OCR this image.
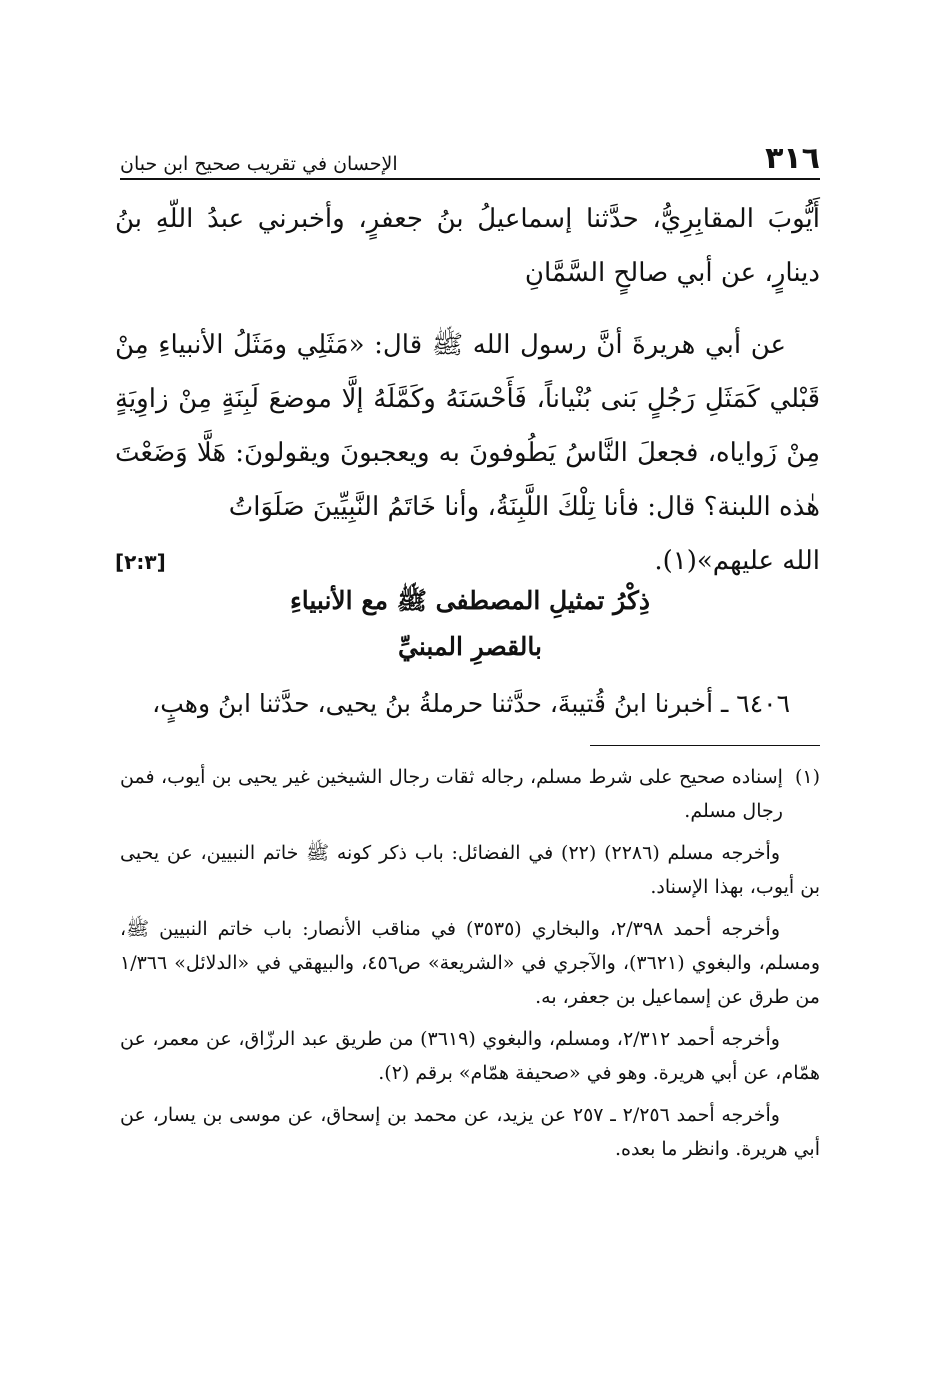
٣١٦
الإحسان في تقريب صحيح ابن حبان

أَيُّوبَ المقابِرِيُّ، حدَّثنا إسماعيلُ بنُ جعفرٍ، وأخبرني عبدُ اللّهِ بنُ دينارٍ، عن أبي صالحٍ السَّمَّانِ

عن أبي هريرةَ أنَّ رسول الله ﷺ قال: «مَثَلِي ومَثَلُ الأنبياءِ مِنْ قَبْلي كَمَثَلِ رَجُلٍ بَنى بُنْياناً، فَأَحْسَنَهُ وكَمَّلَهُ إلَّا موضعَ لَبِنَةٍ مِنْ زاوِيَةٍ مِنْ زَواياه، فجعلَ النَّاسُ يَطُوفونَ به ويعجبونَ ويقولونَ: هَلَّا وَضَعْتَ هٰذه اللبنة؟ قال: فأنا تِلْكَ اللَّبِنَةُ، وأنا خَاتَمُ النَّبِيِّينَ صَلَوَاتُ

الله عليهم»(١).
[٢:٣]
ذِكْرُ تمثيلِ المصطفى ﷺ مع الأنبياءِ
بالقصرِ المبنيِّ
٦٤٠٦ ـ أخبرنا ابنُ قُتيبةَ، حدَّثنا حرملةُ بنُ يحيى، حدَّثنا ابنُ وهبٍ،
(١)

إسناده صحيح على شرط مسلم، رجاله ثقات رجال الشيخين غير يحيى بن أيوب، فمن رجال مسلم.

وأخرجه مسلم (٢٢٨٦) (٢٢) في الفضائل: باب ذكر كونه ﷺ خاتم النبيين، عن يحيى بن أيوب، بهذا الإسناد.

وأخرجه أحمد ٢/٣٩٨، والبخاري (٣٥٣٥) في مناقب الأنصار: باب خاتم النبيين ﷺ، ومسلم، والبغوي (٣٦٢١)، والآجري في «الشريعة» ص٤٥٦، والبيهقي في «الدلائل» ١/٣٦٦ من طرق عن إسماعيل بن جعفر، به.

وأخرجه أحمد ٢/٣١٢، ومسلم، والبغوي (٣٦١٩) من طريق عبد الرزّاق، عن معمر، عن همّام، عن أبي هريرة. وهو في «صحيفة همّام» برقم (٢).

وأخرجه أحمد ٢/٢٥٦ ـ ٢٥٧ عن يزيد، عن محمد بن إسحاق، عن موسى بن يسار، عن أبي هريرة. وانظر ما بعده.
